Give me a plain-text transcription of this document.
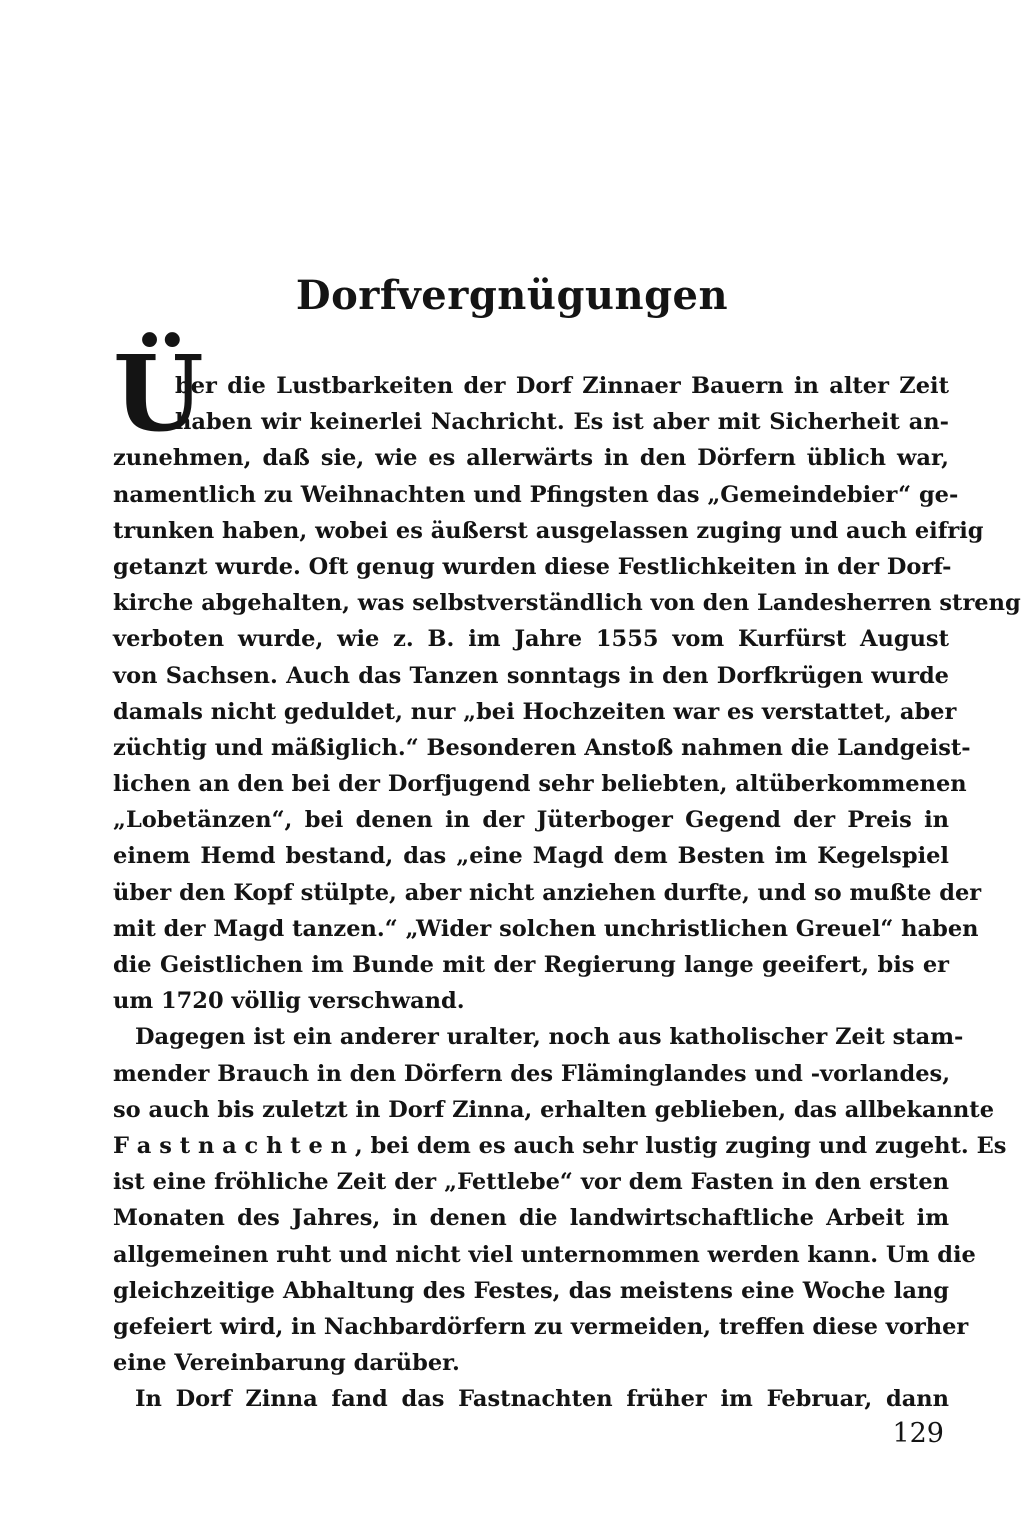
Dorfvergnügungen
Ü
ber die Lustbarkeiten der Dorf Zinnaer Bauern in alter Zeit
haben wir keinerlei Nachricht. Es ist aber mit Sicherheit an-
zunehmen, daß sie, wie es allerwärts in den Dörfern üblich war,
namentlich zu Weihnachten und Pfingsten das „Gemeindebier“ ge-
trunken haben, wobei es äußerst ausgelassen zuging und auch eifrig
getanzt wurde. Oft genug wurden diese Festlichkeiten in der Dorf-
kirche abgehalten, was selbstverständlich von den Landesherren streng
verboten wurde, wie z. B. im Jahre 1555 vom Kurfürst August
von Sachsen. Auch das Tanzen sonntags in den Dorfkrügen wurde
damals nicht geduldet, nur „bei Hochzeiten war es verstattet, aber
züchtig und mäßiglich.“ Besonderen Anstoß nahmen die Landgeist-
lichen an den bei der Dorfjugend sehr beliebten, altüberkommenen
„Lobetänzen“, bei denen in der Jüterboger Gegend der Preis in
einem Hemd bestand, das „eine Magd dem Besten im Kegelspiel
über den Kopf stülpte, aber nicht anziehen durfte, und so mußte der
mit der Magd tanzen.“ „Wider solchen unchristlichen Greuel“ haben
die Geistlichen im Bunde mit der Regierung lange geeifert, bis er
um 1720 völlig verschwand.
Dagegen ist ein anderer uralter, noch aus katholischer Zeit stam-
mender Brauch in den Dörfern des Fläminglandes und -vorlandes,
so auch bis zuletzt in Dorf Zinna, erhalten geblieben, das allbekannte
F a s t n a c h t e n , bei dem es auch sehr lustig zuging und zugeht. Es
ist eine fröhliche Zeit der „Fettlebe“ vor dem Fasten in den ersten
Monaten des Jahres, in denen die landwirtschaftliche Arbeit im
allgemeinen ruht und nicht viel unternommen werden kann. Um die
gleichzeitige Abhaltung des Festes, das meistens eine Woche lang
gefeiert wird, in Nachbardörfern zu vermeiden, treffen diese vorher
eine Vereinbarung darüber.
In Dorf Zinna fand das Fastnachten früher im Februar, dann
129
